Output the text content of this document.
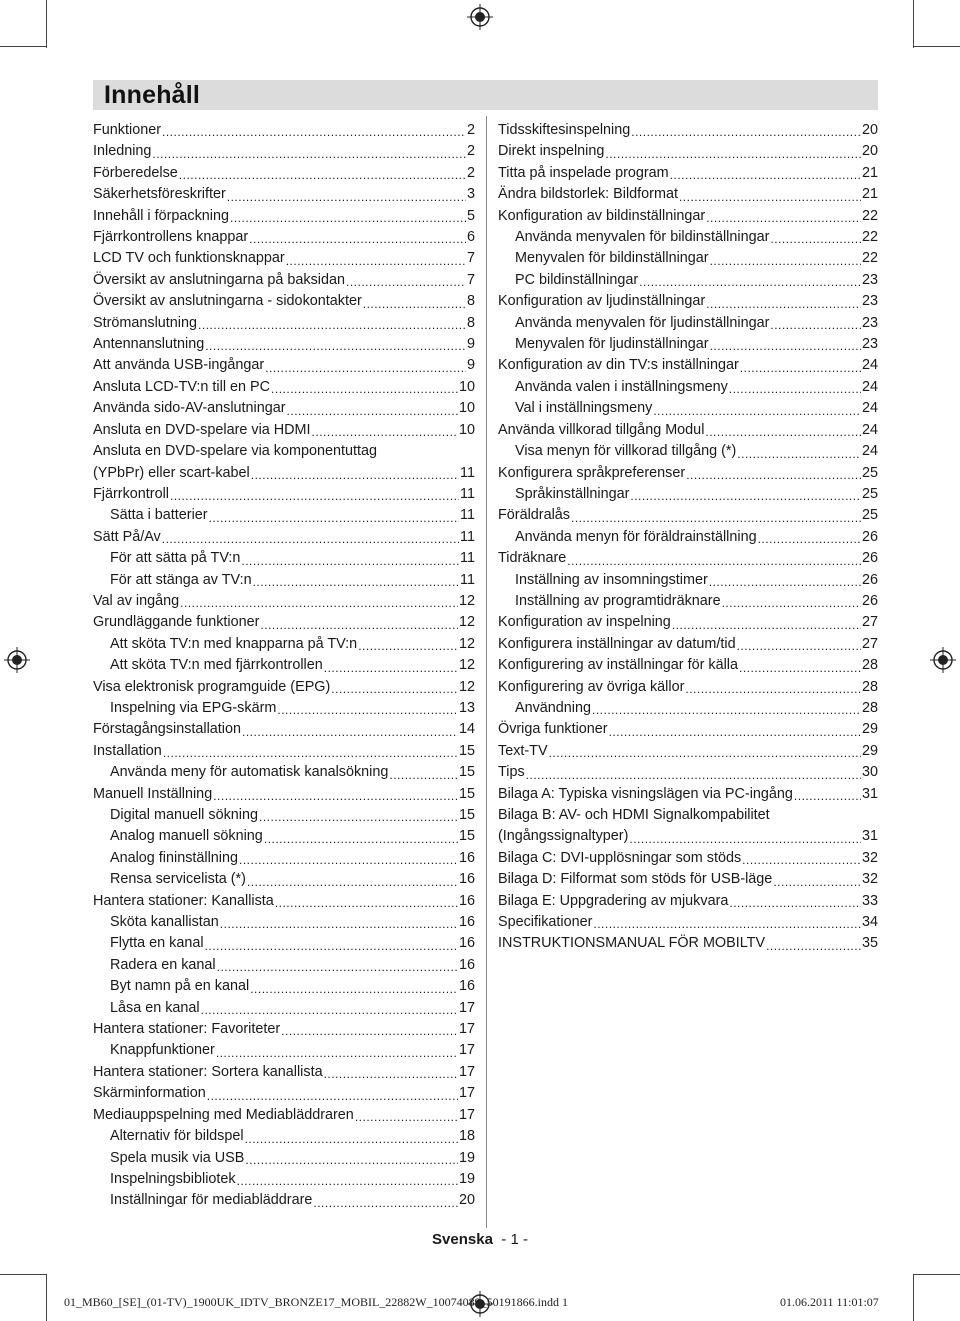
Innehåll
Funktioner .....	2
Inledning .....	2
Förberedelse .....	2
Säkerhetsföreskrifter .....	3
Innehåll i förpackning .....	5
Fjärrkontrollens knappar .....	6
LCD TV och funktionsknappar .....	7
Översikt av anslutningarna på baksidan .....	7
Översikt av anslutningarna - sidokontakter .....	8
Strömanslutning .....	8
Antennanslutning .....	9
Att använda USB-ingångar .....	9
Ansluta LCD-TV:n till en PC .....	10
Använda sido-AV-anslutningar .....	10
Ansluta en DVD-spelare via HDMI .....	10
Ansluta en DVD-spelare via komponentuttag
(YPbPr) eller scart-kabel .....	11
Fjärrkontroll .....	11
Sätta i batterier .....	11
Sätt På/Av .....	11
För att sätta på TV:n .....	11
För att stänga av TV:n .....	11
Val av ingång .....	12
Grundläggande funktioner .....	12
Att sköta TV:n med knapparna på TV:n .....	12
Att sköta TV:n med fjärrkontrollen .....	12
Visa elektronisk programguide (EPG) .....	12
Inspelning via EPG-skärm .....	13
Förstagångsinstallation .....	14
Installation .....	15
Använda meny för automatisk kanalsökning .....	15
Manuell Inställning .....	15
Digital manuell sökning .....	15
Analog manuell sökning .....	15
Analog fininställning .....	16
Rensa servicelista (*) .....	16
Hantera stationer: Kanallista .....	16
Sköta kanallistan .....	16
Flytta en kanal .....	16
Radera en kanal .....	16
Byt namn på en kanal .....	16
Låsa en kanal .....	17
Hantera stationer: Favoriteter .....	17
Knappfunktioner .....	17
Hantera stationer: Sortera kanallista .....	17
Skärminformation .....	17
Mediauppspelning med Mediabläddraren .....	17
Alternativ för bildspel .....	18
Spela musik via USB .....	19
Inspelningsbibliotek .....	19
Inställningar för mediabläddrare .....	20
Tidsskiftesinspelning .....	20
Direkt inspelning .....	20
Titta på inspelade program .....	21
Ändra bildstorlek: Bildformat .....	21
Konfiguration av bildinställningar .....	22
Använda menyvalen för bildinställningar .....	22
Menyvalen för bildinställningar .....	22
PC bildinställningar .....	23
Konfiguration av ljudinställningar .....	23
Använda menyvalen för ljudinställningar .....	23
Menyvalen för ljudinställningar .....	23
Konfiguration av din TV:s inställningar .....	24
Använda valen i inställningsmeny .....	24
Val i inställningsmeny .....	24
Använda villkorad tillgång Modul .....	24
Visa menyn för villkorad tillgång (*) .....	24
Konfigurera språkpreferenser .....	25
Språkinställningar .....	25
Föräldralås .....	25
Använda menyn för föräldrainställning .....	26
Tidräknare .....	26
Inställning av insomningstimer .....	26
Inställning av programtidräknare .....	26
Konfiguration av inspelning .....	27
Konfigurera inställningar av datum/tid .....	27
Konfigurering av inställningar för källa .....	28
Konfigurering av övriga källor .....	28
Användning .....	28
Övriga funktioner .....	29
Text-TV .....	29
Tips .....	30
Bilaga A: Typiska visningslägen via PC-ingång .....	31
Bilaga B: AV- och HDMI Signalkompabilitet
(Ingångssignaltyper) .....	31
Bilaga C: DVI-upplösningar som stöds .....	32
Bilaga D: Filformat som stöds för USB-läge .....	32
Bilaga E: Uppgradering av mjukvara .....	33
Specifikationer .....	34
INSTRUKTIONSMANUAL FÖR MOBILTV .....	35
Svenska - 1 -
01_MB60_[SE]_(01-TV)_1900UK_IDTV_BRONZE17_MOBIL_22882W_10074089_50191866.indd 1	01.06.2011 11:01:07
